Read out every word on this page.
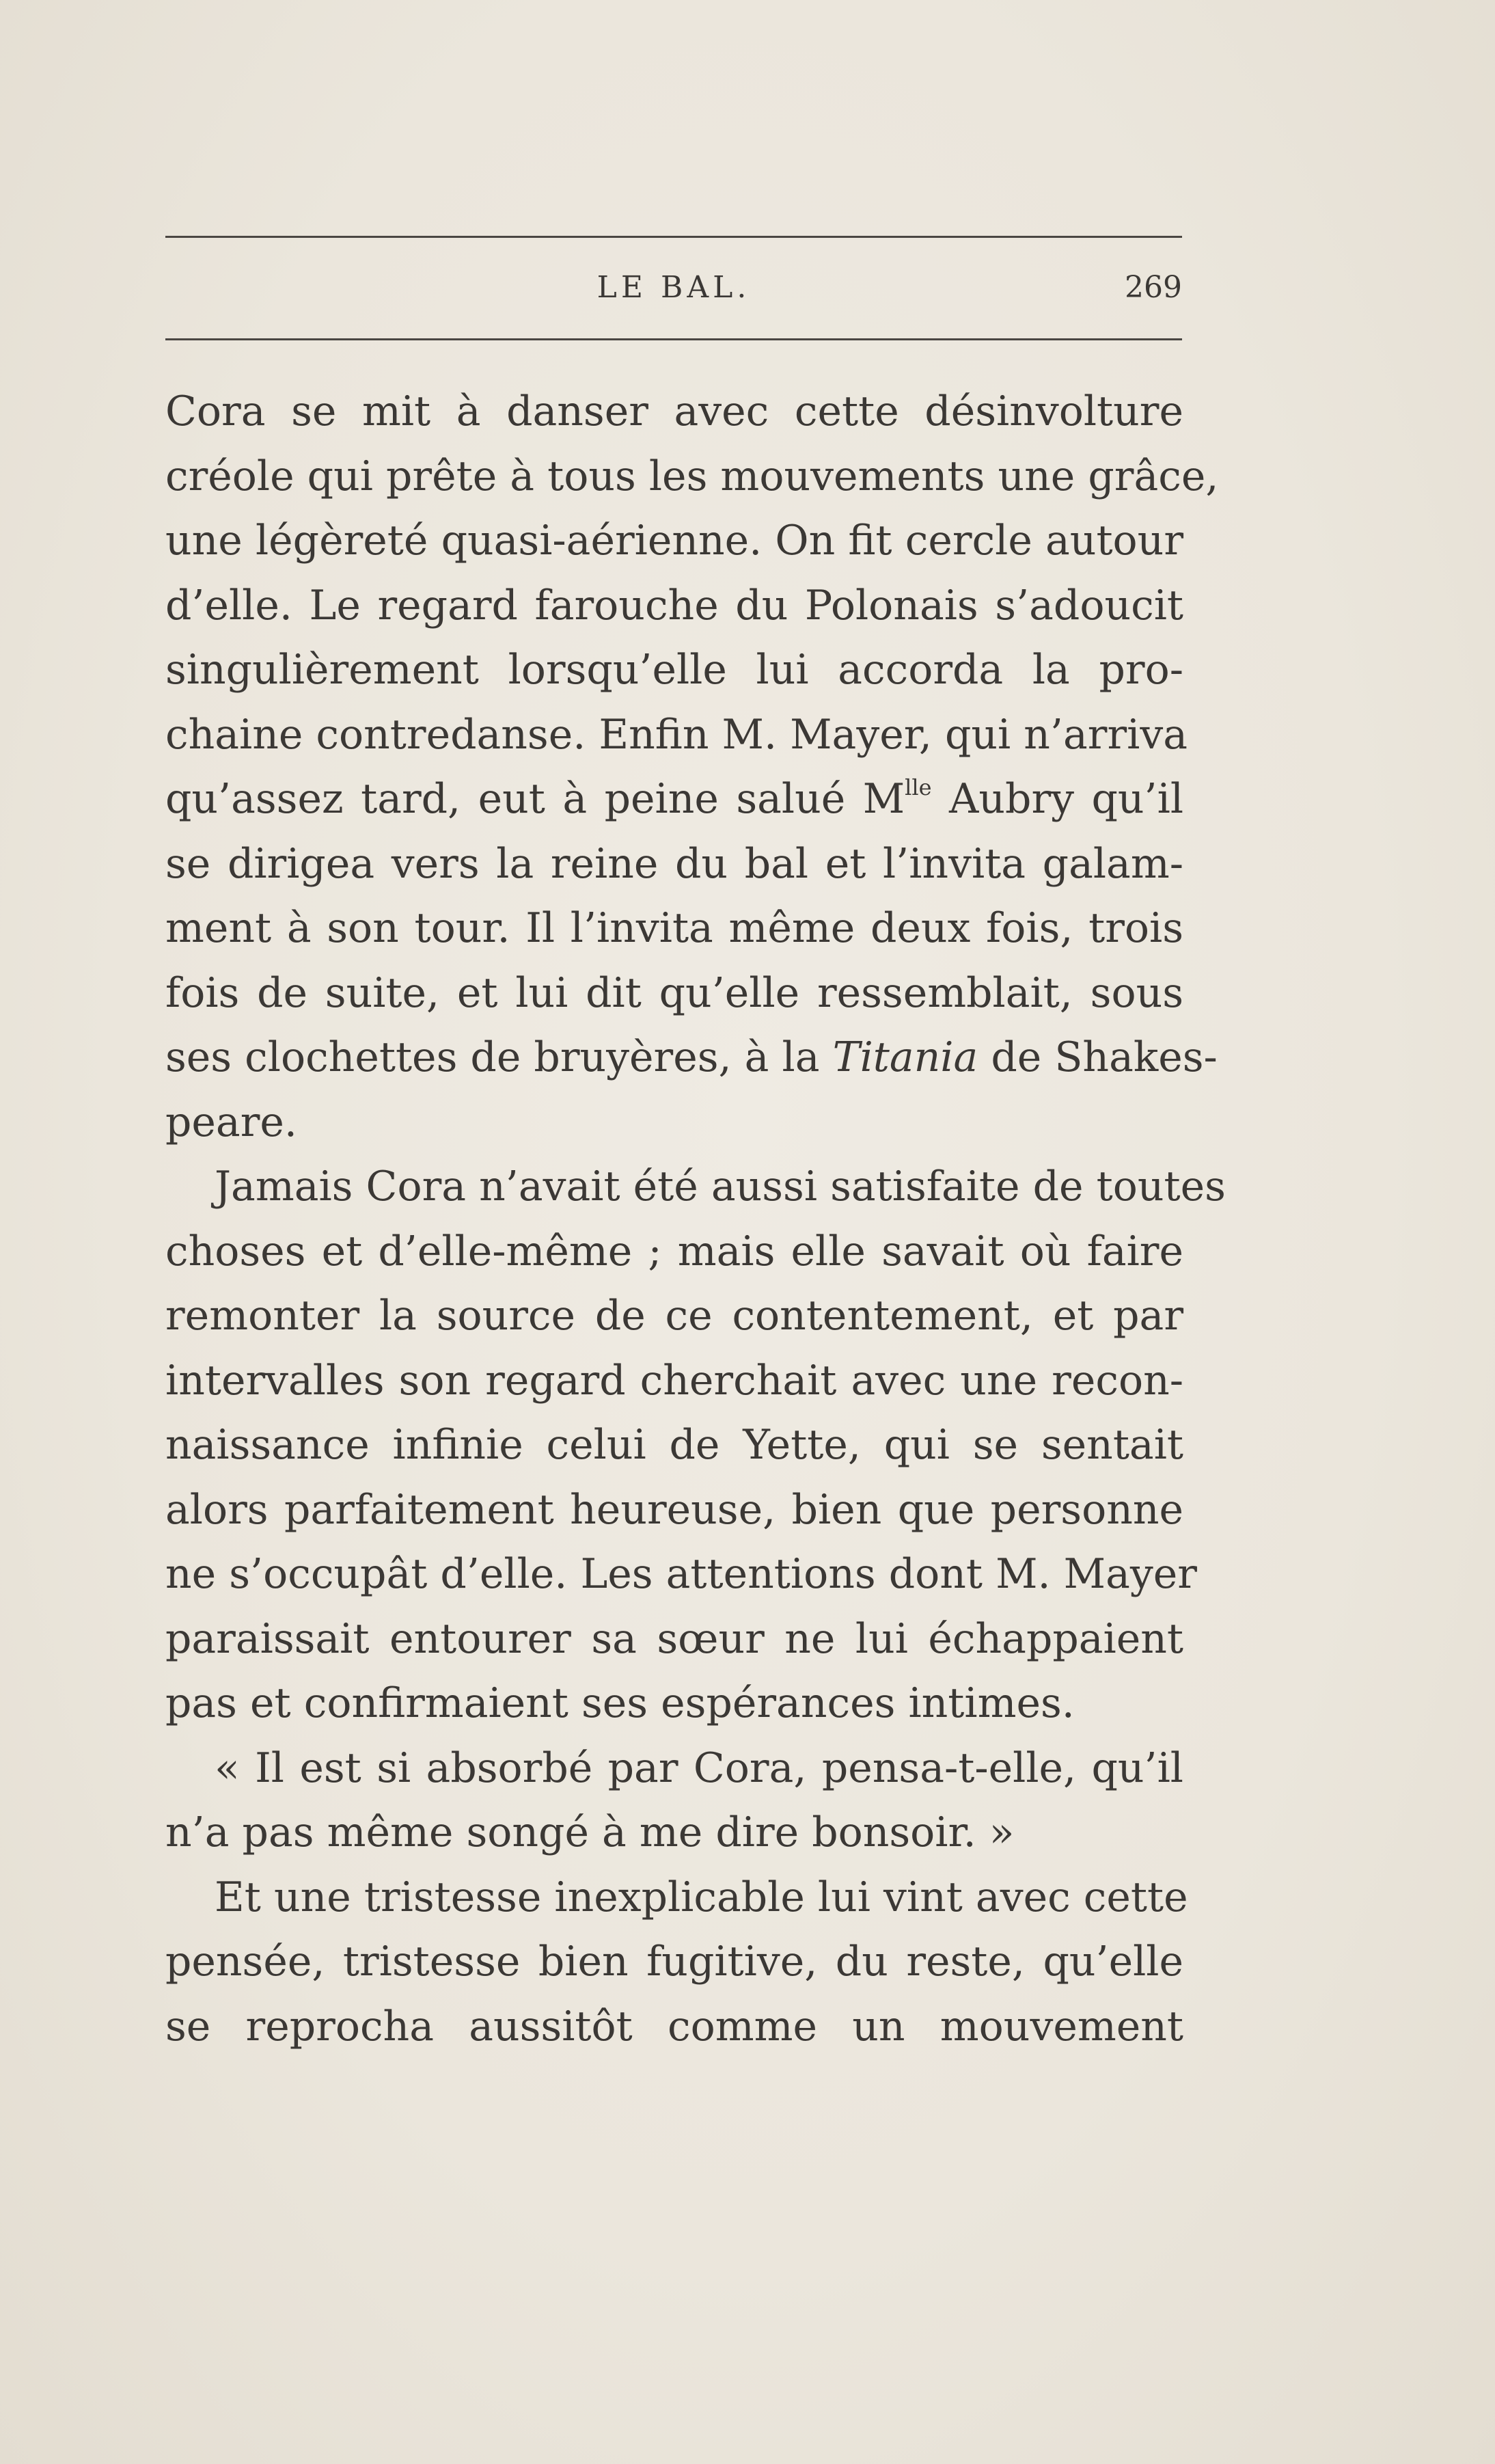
LE BAL.	269
Cora se mit à danser avec cette désinvolture
créole qui prête à tous les mouvements une grâce,
une légèreté quasi-aérienne. On fit cercle autour
d’elle. Le regard farouche du Polonais s’adoucit
singulièrement lorsqu’elle lui accorda la pro-
chaine contredanse. Enfin M. Mayer, qui n’arriva
qu’assez tard, eut à peine salué $M^{lle}$ Aubry qu’il
se dirigea vers la reine du bal et l’invita galam-
ment à son tour. Il l’invita même deux fois, trois
fois de suite, et lui dit qu’elle ressemblait, sous
ses clochettes de bruyères, à la Titania de Shakes-
peare.
Jamais Cora n’avait été aussi satisfaite de toutes
choses et d’elle-même ; mais elle savait où faire
remonter la source de ce contentement, et par
intervalles son regard cherchait avec une recon-
naissance infinie celui de Yette, qui se sentait
alors parfaitement heureuse, bien que personne
ne s’occupât d’elle. Les attentions dont M. Mayer
paraissait entourer sa sœur ne lui échappaient
pas et confirmaient ses espérances intimes.
« Il est si absorbé par Cora, pensa-t-elle, qu’il
n’a pas même songé à me dire bonsoir. »
Et une tristesse inexplicable lui vint avec cette
pensée, tristesse bien fugitive, du reste, qu’elle
se reprocha aussitôt comme un mouvement
